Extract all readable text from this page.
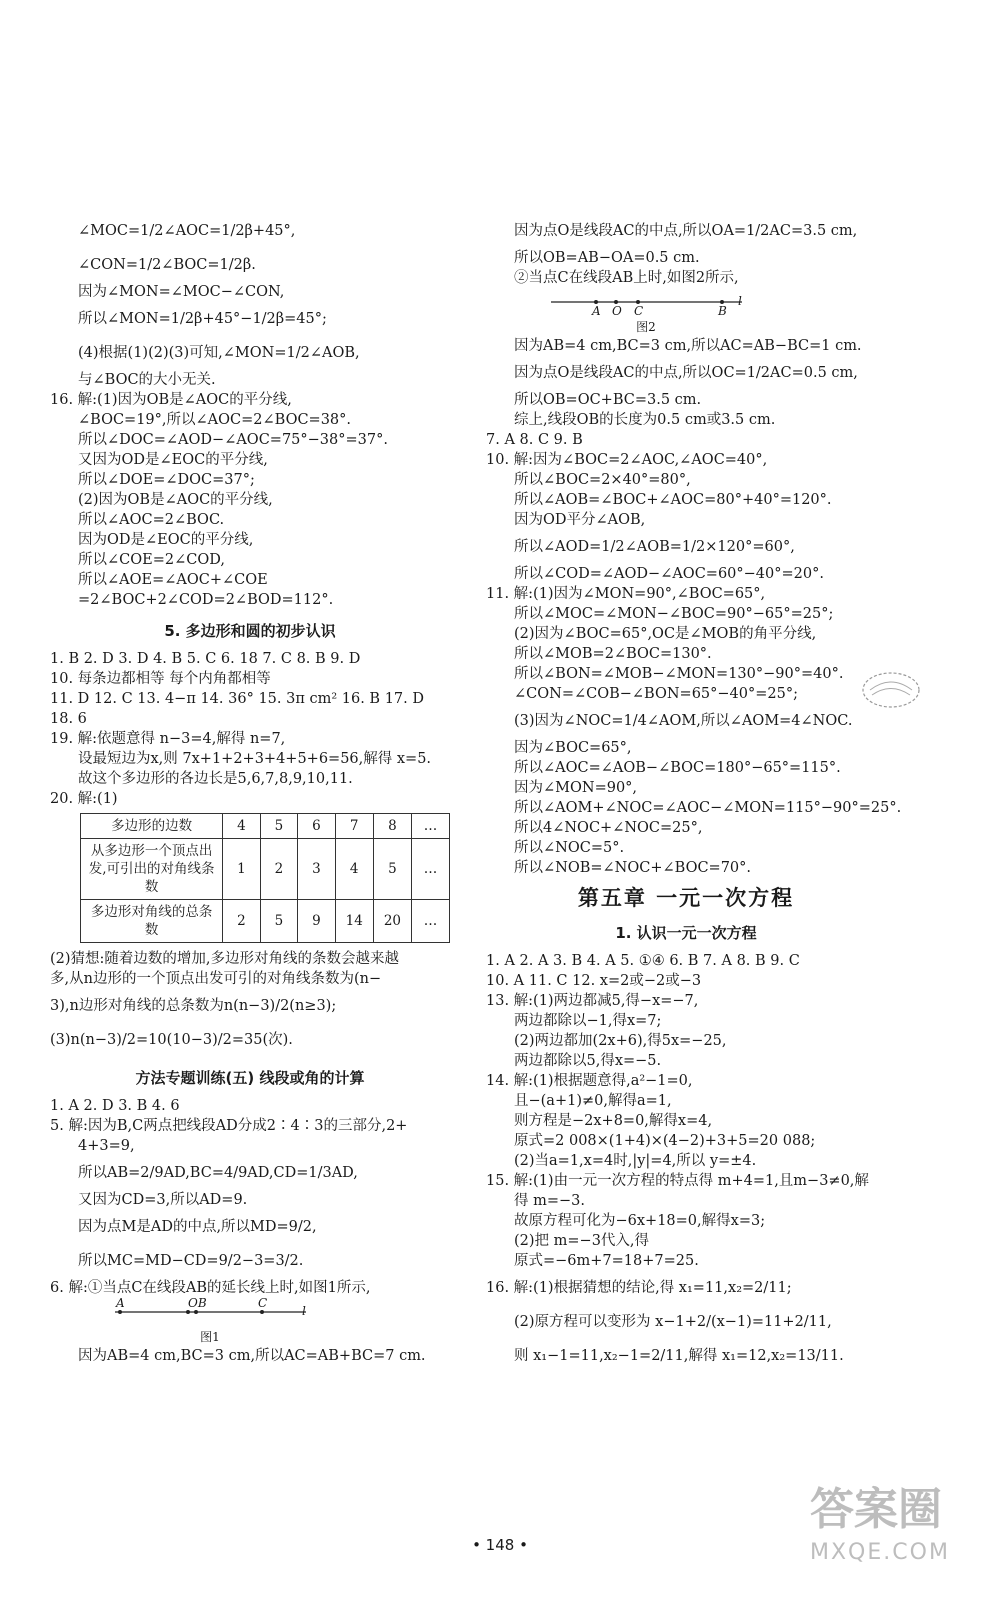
∠MOC=1/2∠AOC=1/2β+45°,
∠CON=1/2∠BOC=1/2β.
因为∠MON=∠MOC−∠CON,
所以∠MON=1/2β+45°−1/2β=45°;
(4)根据(1)(2)(3)可知,∠MON=1/2∠AOB,
与∠BOC的大小无关.
16. 解:(1)因为OB是∠AOC的平分线,
∠BOC=19°,所以∠AOC=2∠BOC=38°.
所以∠DOC=∠AOD−∠AOC=75°−38°=37°.
又因为OD是∠EOC的平分线,
所以∠DOE=∠DOC=37°;
(2)因为OB是∠AOC的平分线,
所以∠AOC=2∠BOC.
因为OD是∠EOC的平分线,
所以∠COE=2∠COD,
所以∠AOE=∠AOC+∠COE
=2∠BOC+2∠COD=2∠BOD=112°.
5. 多边形和圆的初步认识
1. B 2. D 3. D 4. B 5. C 6. 18 7. C 8. B 9. D
10. 每条边都相等 每个内角都相等
11. D 12. C 13. 4−π 14. 36° 15. 3π cm² 16. B 17. D
18. 6
19. 解:依题意得 n−3=4,解得 n=7,
设最短边为x,则 7x+1+2+3+4+5+6=56,解得 x=5.
故这个多边形的各边长是5,6,7,8,9,10,11.
20. 解:(1)
多边形的边数	4	5	6	7	8	…
从多边形一个顶点出发,可引出的对角线条数	1	2	3	4	5	…
多边形对角线的总条数	2	5	9	14	20	…
(2)猜想:随着边数的增加,多边形对角线的条数会越来越
多,从n边形的一个顶点出发可引的对角线条数为(n−
3),n边形对角线的总条数为n(n−3)/2(n≥3);
(3)n(n−3)/2=10(10−3)/2=35(次).
方法专题训练(五) 线段或角的计算
1. A 2. D 3. B 4. 6
5. 解:因为B,C两点把线段AD分成2∶4∶3的三部分,2+
4+3=9,
所以AB=2/9AD,BC=4/9AD,CD=1/3AD,
又因为CD=3,所以AD=9.
因为点M是AD的中点,所以MD=9/2,
所以MC=MD−CD=9/2−3=3/2.
6. 解:①当点C在线段AB的延长线上时,如图1所示,
A	OB	C
l
图1
因为AB=4 cm,BC=3 cm,所以AC=AB+BC=7 cm.
因为点O是线段AC的中点,所以OA=1/2AC=3.5 cm,
所以OB=AB−OA=0.5 cm.
②当点C在线段AB上时,如图2所示,
A O C	B
l
图2
因为AB=4 cm,BC=3 cm,所以AC=AB−BC=1 cm.
因为点O是线段AC的中点,所以OC=1/2AC=0.5 cm,
所以OB=OC+BC=3.5 cm.
综上,线段OB的长度为0.5 cm或3.5 cm.
7. A 8. C 9. B
10. 解:因为∠BOC=2∠AOC,∠AOC=40°,
所以∠BOC=2×40°=80°,
所以∠AOB=∠BOC+∠AOC=80°+40°=120°.
因为OD平分∠AOB,
所以∠AOD=1/2∠AOB=1/2×120°=60°,
所以∠COD=∠AOD−∠AOC=60°−40°=20°.
11. 解:(1)因为∠MON=90°,∠BOC=65°,
所以∠MOC=∠MON−∠BOC=90°−65°=25°;
(2)因为∠BOC=65°,OC是∠MOB的角平分线,
所以∠MOB=2∠BOC=130°.
所以∠BON=∠MOB−∠MON=130°−90°=40°.
∠CON=∠COB−∠BON=65°−40°=25°;
(3)因为∠NOC=1/4∠AOM,所以∠AOM=4∠NOC.
因为∠BOC=65°,
所以∠AOC=∠AOB−∠BOC=180°−65°=115°.
因为∠MON=90°,
所以∠AOM+∠NOC=∠AOC−∠MON=115°−90°=25°.
所以4∠NOC+∠NOC=25°,
所以∠NOC=5°.
所以∠NOB=∠NOC+∠BOC=70°.
第五章 一元一次方程
1. 认识一元一次方程
1. A 2. A 3. B 4. A 5. ①④ 6. B 7. A 8. B 9. C
10. A 11. C 12. x=2或−2或−3
13. 解:(1)两边都减5,得−x=−7,
两边都除以−1,得x=7;
(2)两边都加(2x+6),得5x=−25,
两边都除以5,得x=−5.
14. 解:(1)根据题意得,a²−1=0,
且−(a+1)≠0,解得a=1,
则方程是−2x+8=0,解得x=4,
原式=2 008×(1+4)×(4−2)+3+5=20 088;
(2)当a=1,x=4时,|y|=4,所以 y=±4.
15. 解:(1)由一元一次方程的特点得 m+4=1,且m−3≠0,解
得 m=−3.
故原方程可化为−6x+18=0,解得x=3;
(2)把 m=−3代入,得
原式=−6m+7=18+7=25.
16. 解:(1)根据猜想的结论,得 x₁=11,x₂=2/11;
(2)原方程可以变形为 x−1+2/(x−1)=11+2/11,
则 x₁−1=11,x₂−1=2/11,解得 x₁=12,x₂=13/11.
• 148 •
答案圈
MXQE.COM
